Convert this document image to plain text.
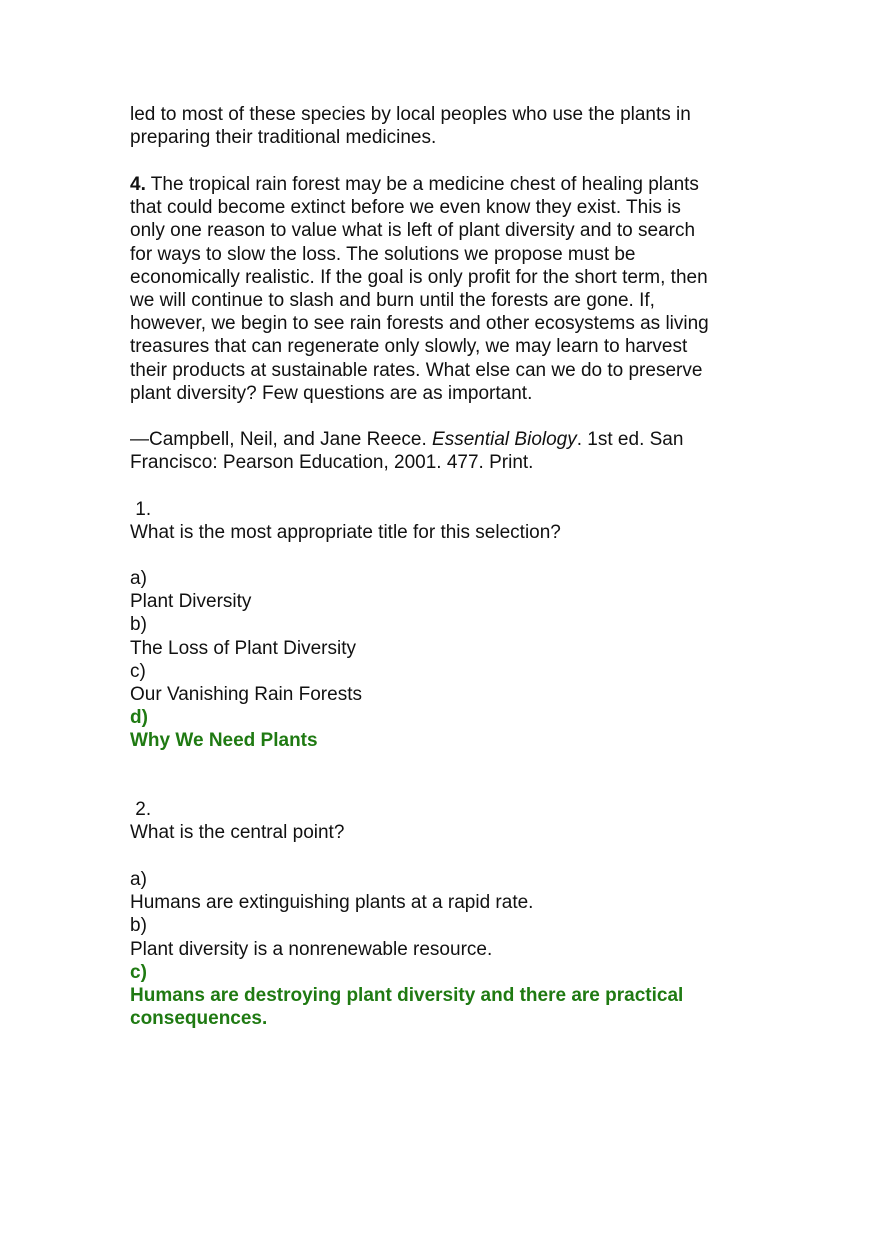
led to most of these species by local peoples who use the plants in
preparing their traditional medicines.
4. The tropical rain forest may be a medicine chest of healing plants
that could become extinct before we even know they exist. This is
only one reason to value what is left of plant diversity and to search
for ways to slow the loss. The solutions we propose must be
economically realistic. If the goal is only profit for the short term, then
we will continue to slash and burn until the forests are gone. If,
however, we begin to see rain forests and other ecosystems as living
treasures that can regenerate only slowly, we may learn to harvest
their products at sustainable rates. What else can we do to preserve
plant diversity? Few questions are as important.
—Campbell, Neil, and Jane Reece. Essential Biology. 1st ed. San
Francisco: Pearson Education, 2001. 477. Print.
1.
What is the most appropriate title for this selection?
a)
Plant Diversity
b)
The Loss of Plant Diversity
c)
Our Vanishing Rain Forests
d)
Why We Need Plants
2.
What is the central point?
a)
Humans are extinguishing plants at a rapid rate.
b)
Plant diversity is a nonrenewable resource.
c)
Humans are destroying plant diversity and there are practical
consequences.
